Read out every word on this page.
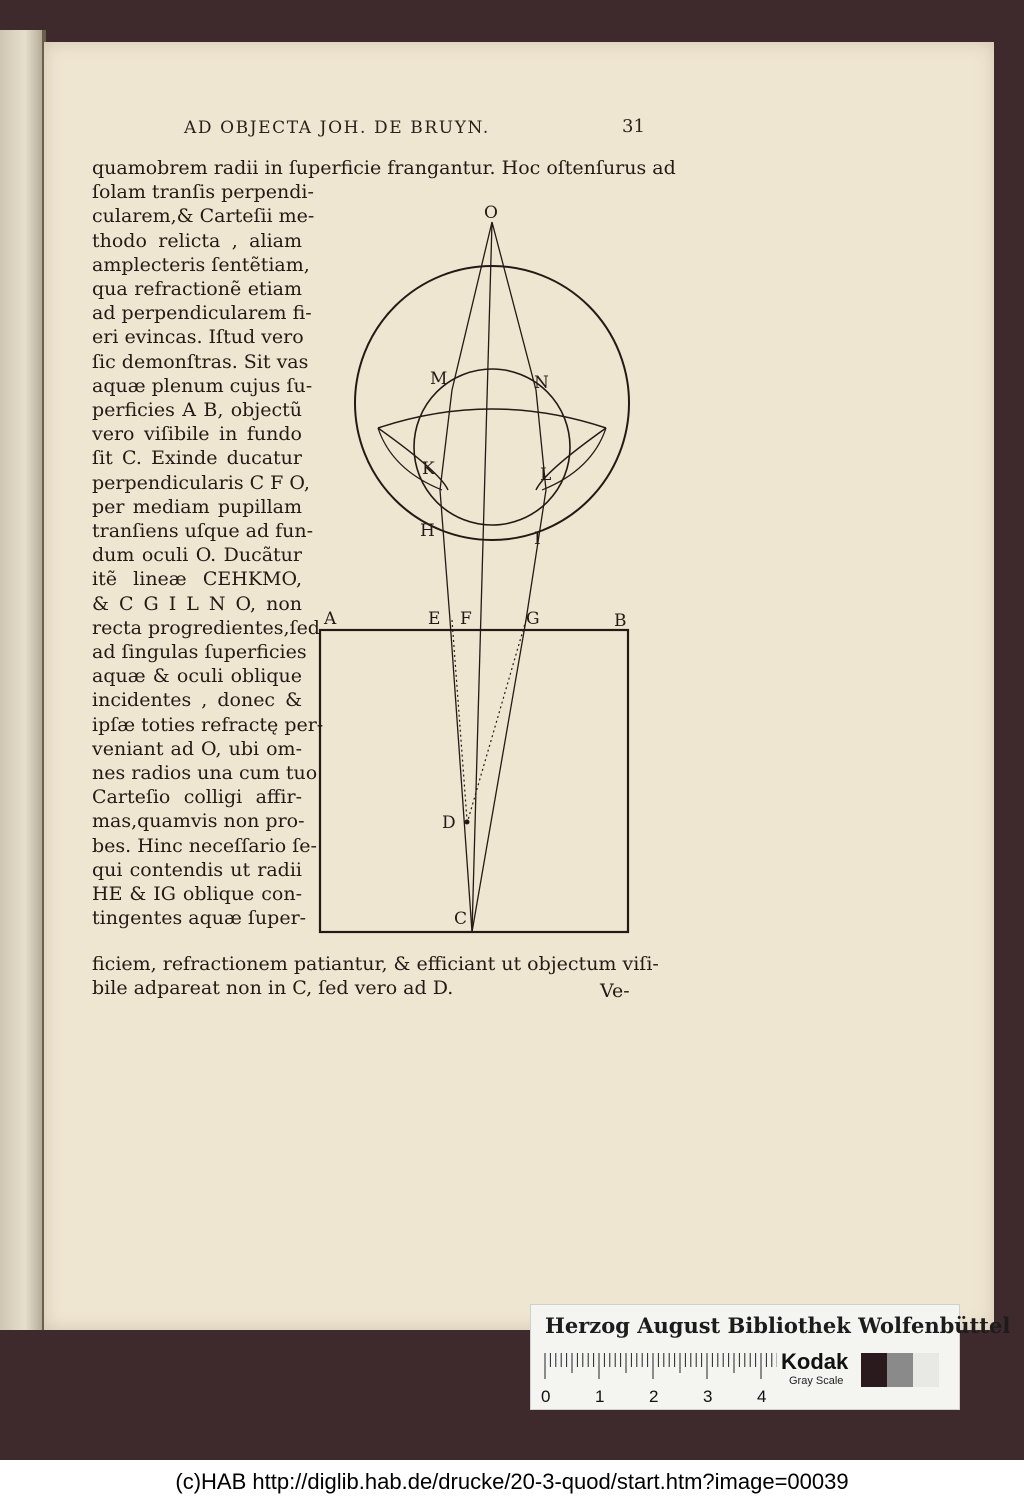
AD OBJECTA JOH. DE BRUYN.	31
quamobrem radii in ſuperficie frangantur. Hoc oſtenſurus ad
ſolam tranſis perpendi-
cularem,& Carteſii me-
thodo relicta , aliam
amplecteris ſentẽtiam,
qua refractionẽ etiam
ad perpendicularem fi-
eri evincas. Iſtud vero
ſic demonſtras. Sit vas
aquæ plenum cujus ſu-
perficies A B, objectũ
vero viſibile in fundo
ſit C. Exinde ducatur
perpendicularis C F O,
per mediam pupillam
tranſiens uſque ad fun-
dum oculi O. Ducãtur
itẽ lineæ CEHKMO,
& C G I L N O, non
recta progredientes,ſed
ad ſingulas ſuperficies
aquæ & oculi oblique
incidentes , donec &
ipſæ toties refractę per-
veniant ad O, ubi om-
nes radios una cum tuo
Carteſio colligi affir-
mas,quamvis non pro-
bes. Hinc neceſſario ſe-
qui contendis ut radii
HE & IG oblique con-
tingentes aquæ ſuper-
ficiem, refractionem patiantur, & efficiant ut objectum viſi-
bile adpareat non in C, ſed vero ad D.	Ve-
O
M	N
K	L
H	I
A	E F	G	B
D
C
Herzog August Bibliothek Wolfenbüttel
Kodak
Gray Scale
0	1	2	3	4
(c)HAB http://diglib.hab.de/drucke/20-3-quod/start.htm?image=00039
